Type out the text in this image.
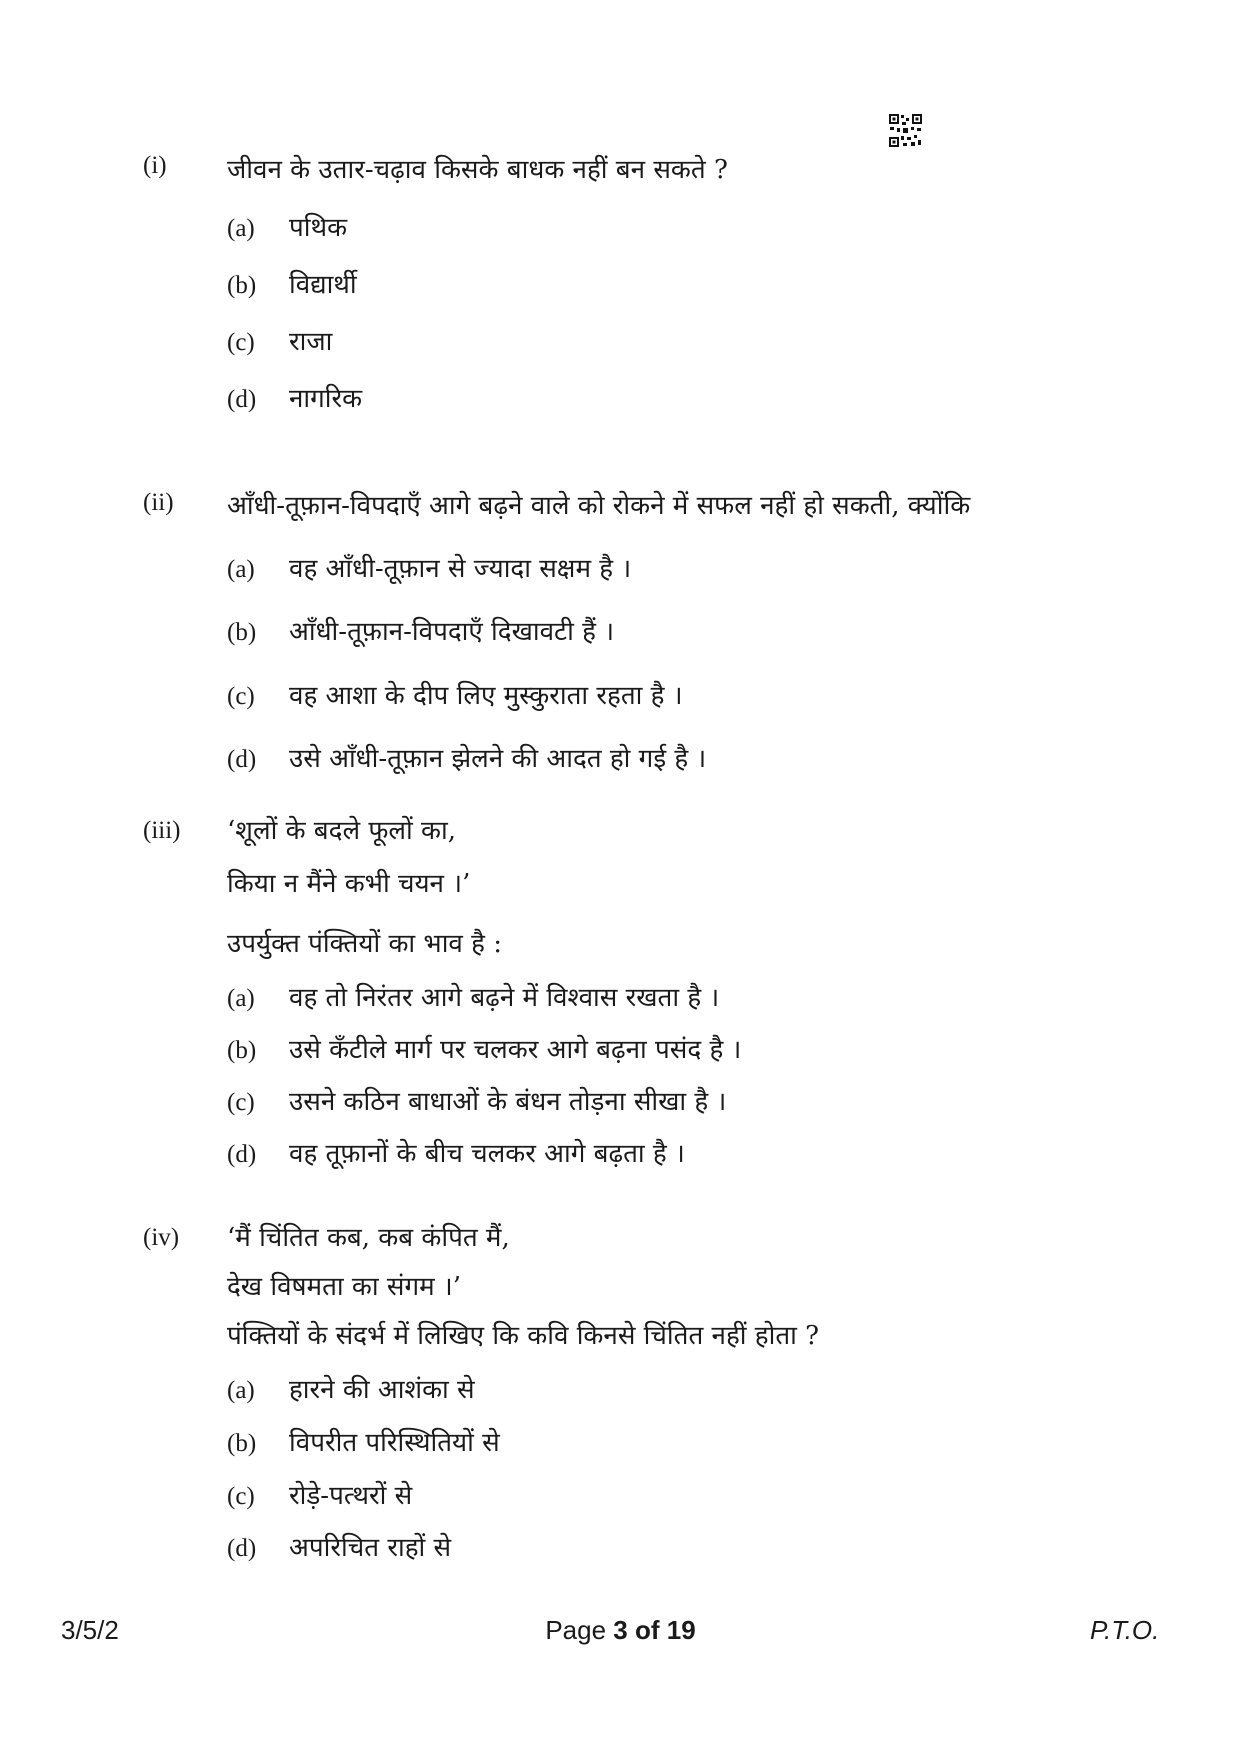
(i) जीवन के उतार-चढ़ाव किसके बाधक नहीं बन सकते ?
(a) पथिक
(b) विद्यार्थी
(c) राजा
(d) नागरिक
(ii) आँधी-तूफ़ान-विपदाएँ आगे बढ़ने वाले को रोकने में सफल नहीं हो सकती, क्योंकि
(a) वह आँधी-तूफ़ान से ज्यादा सक्षम है ।
(b) आँधी-तूफ़ान-विपदाएँ दिखावटी हैं ।
(c) वह आशा के दीप लिए मुस्कुराता रहता है ।
(d) उसे आँधी-तूफ़ान झेलने की आदत हो गई है ।
(iii) ‘शूलों के बदले फूलों का,
किया न मैंने कभी चयन ।’
उपर्युक्त पंक्तियों का भाव है :
(a) वह तो निरंतर आगे बढ़ने में विश्वास रखता है ।
(b) उसे कँटीले मार्ग पर चलकर आगे बढ़ना पसंद है ।
(c) उसने कठिन बाधाओं के बंधन तोड़ना सीखा है ।
(d) वह तूफ़ानों के बीच चलकर आगे बढ़ता है ।
(iv) ‘मैं चिंतित कब, कब कंपित मैं,
देख विषमता का संगम ।’
पंक्तियों के संदर्भ में लिखिए कि कवि किनसे चिंतित नहीं होता ?
(a) हारने की आशंका से
(b) विपरीत परिस्थितियों से
(c) रोड़े-पत्थरों से
(d) अपरिचित राहों से
3/5/2	Page 3 of 19	P.T.O.
